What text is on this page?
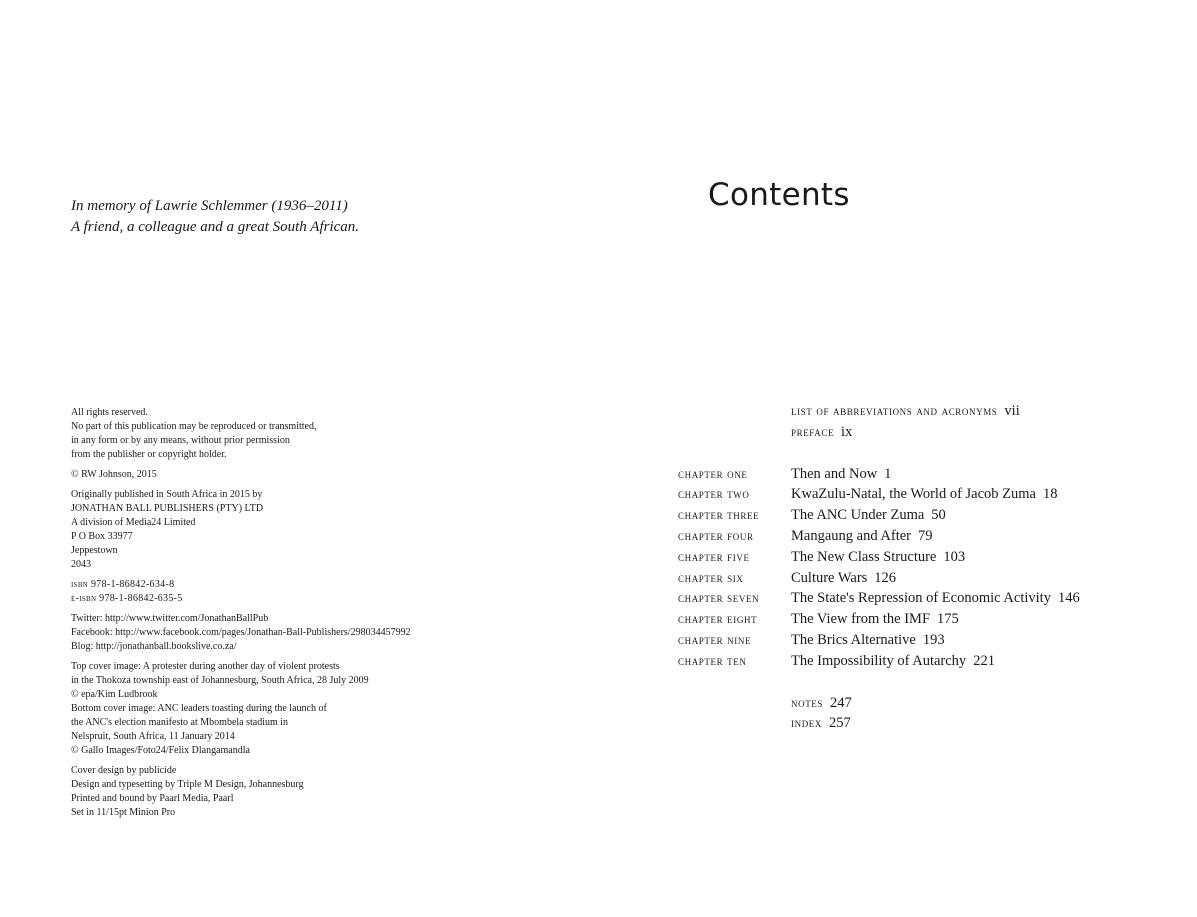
In memory of Lawrie Schlemmer (1936–2011)
A friend, a colleague and a great South African.
All rights reserved.
No part of this publication may be reproduced or transmitted,
in any form or by any means, without prior permission
from the publisher or copyright holder.
© RW Johnson, 2015
Originally published in South Africa in 2015 by
JONATHAN BALL PUBLISHERS (PTY) LTD
A division of Media24 Limited
P O Box 33977
Jeppestown
2043
isbn 978-1-86842-634-8
e-isbn 978-1-86842-635-5
Twitter: http://www.twitter.com/JonathanBallPub
Facebook: http://www.facebook.com/pages/Jonathan-Ball-Publishers/298034457992
Blog: http://jonathanball.bookslive.co.za/
Top cover image: A protester during another day of violent protests
in the Thokoza township east of Johannesburg, South Africa, 28 July 2009
© epa/Kim Ludbrook
Bottom cover image: ANC leaders toasting during the launch of
the ANC's election manifesto at Mbombela stadium in
Nelspruit, South Africa, 11 January 2014
© Gallo Images/Foto24/Felix Dlangamandla
Cover design by publicide
Design and typesetting by Triple M Design, Johannesburg
Printed and bound by Paarl Media, Paarl
Set in 11/15pt Minion Pro
Contents
list of abbreviations and acronyms vii
preface ix
chapter one	Then and Now 1
chapter two	KwaZulu-Natal, the World of Jacob Zuma 18
chapter three	The ANC Under Zuma 50
chapter four	Mangaung and After 79
chapter five	The New Class Structure 103
chapter six	Culture Wars 126
chapter seven	The State's Repression of Economic Activity 146
chapter eight	The View from the IMF 175
chapter nine	The Brics Alternative 193
chapter ten	The Impossibility of Autarchy 221
notes 247
index 257
